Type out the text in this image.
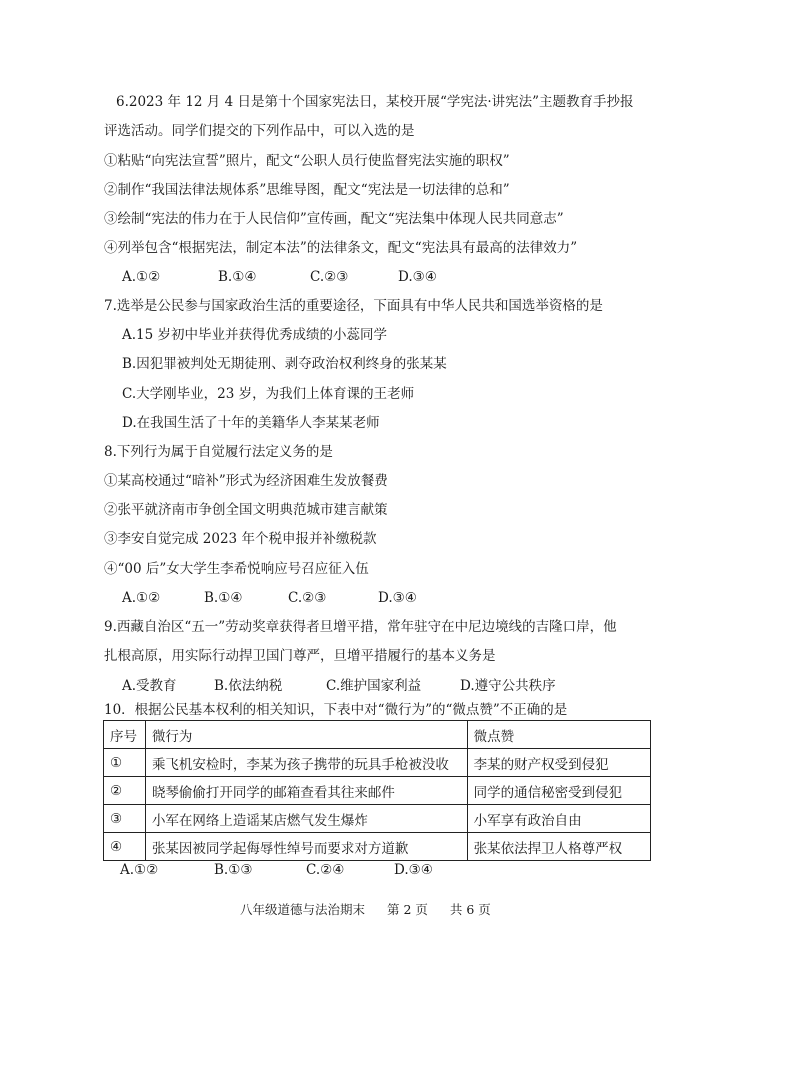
6.2023 年 12 月 4 日是第十个国家宪法日，某校开展“学宪法·讲宪法”主题教育手抄报
评选活动。同学们提交的下列作品中，可以入选的是
①粘贴“向宪法宣誓”照片，配文“公职人员行使监督宪法实施的职权”
②制作“我国法律法规体系”思维导图，配文“宪法是一切法律的总和”
③绘制“宪法的伟力在于人民信仰”宣传画，配文“宪法集中体现人民共同意志”
④列举包含“根据宪法，制定本法”的法律条文，配文“宪法具有最高的法律效力”
A.①②	B.①④	C.②③	D.③④
7.选举是公民参与国家政治生活的重要途径，下面具有中华人民共和国选举资格的是
A.15 岁初中毕业并获得优秀成绩的小蕊同学
B.因犯罪被判处无期徒刑、剥夺政治权利终身的张某某
C.大学刚毕业，23 岁，为我们上体育课的王老师
D.在我国生活了十年的美籍华人李某某老师
8.下列行为属于自觉履行法定义务的是
①某高校通过“暗补”形式为经济困难生发放餐费
②张平就济南市争创全国文明典范城市建言献策
③李安自觉完成 2023 年个税申报并补缴税款
④“00 后”女大学生李希悦响应号召应征入伍
A.①②	B.①④	C.②③	D.③④
9.西藏自治区“五一”劳动奖章获得者旦增平措，常年驻守在中尼边境线的吉隆口岸，他
扎根高原，用实际行动捍卫国门尊严，旦增平措履行的基本义务是
A.受教育	B.依法纳税	C.维护国家利益	D.遵守公共秩序
10．根据公民基本权利的相关知识，下表中对“微行为”的“微点赞”不正确的是
序号	微行为	微点赞
①	乘飞机安检时，李某为孩子携带的玩具手枪被没收	李某的财产权受到侵犯
②	晓琴偷偷打开同学的邮箱查看其往来邮件	同学的通信秘密受到侵犯
③	小军在网络上造谣某店燃气发生爆炸	小军享有政治自由
④	张某因被同学起侮辱性绰号而要求对方道歉	张某依法捍卫人格尊严权
A.①②	B.①③	C.②④	D.③④
八年级道德与法治期末 第 2 页 共 6 页
